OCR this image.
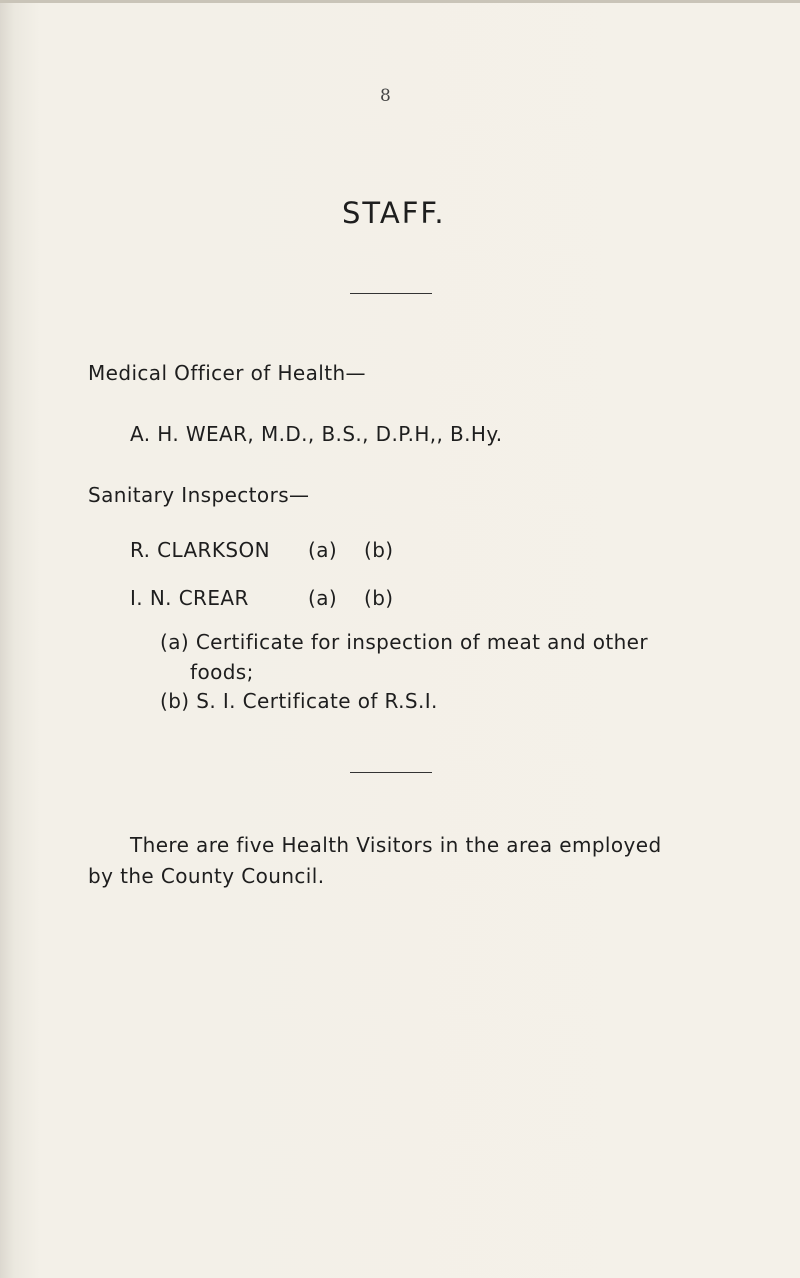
8
STAFF.
Medical Officer of Health—
A. H. WEAR, M.D., B.S., D.P.H,, B.Hy.
Sanitary Inspectors—
R. CLARKSON (a) (b)
I. N. CREAR	(a) (b)
(a) Certificate for inspection of meat and other
foods;
(b) S. I. Certificate of R.S.I.
There are five Health Visitors in the area employed
by the County Council.
